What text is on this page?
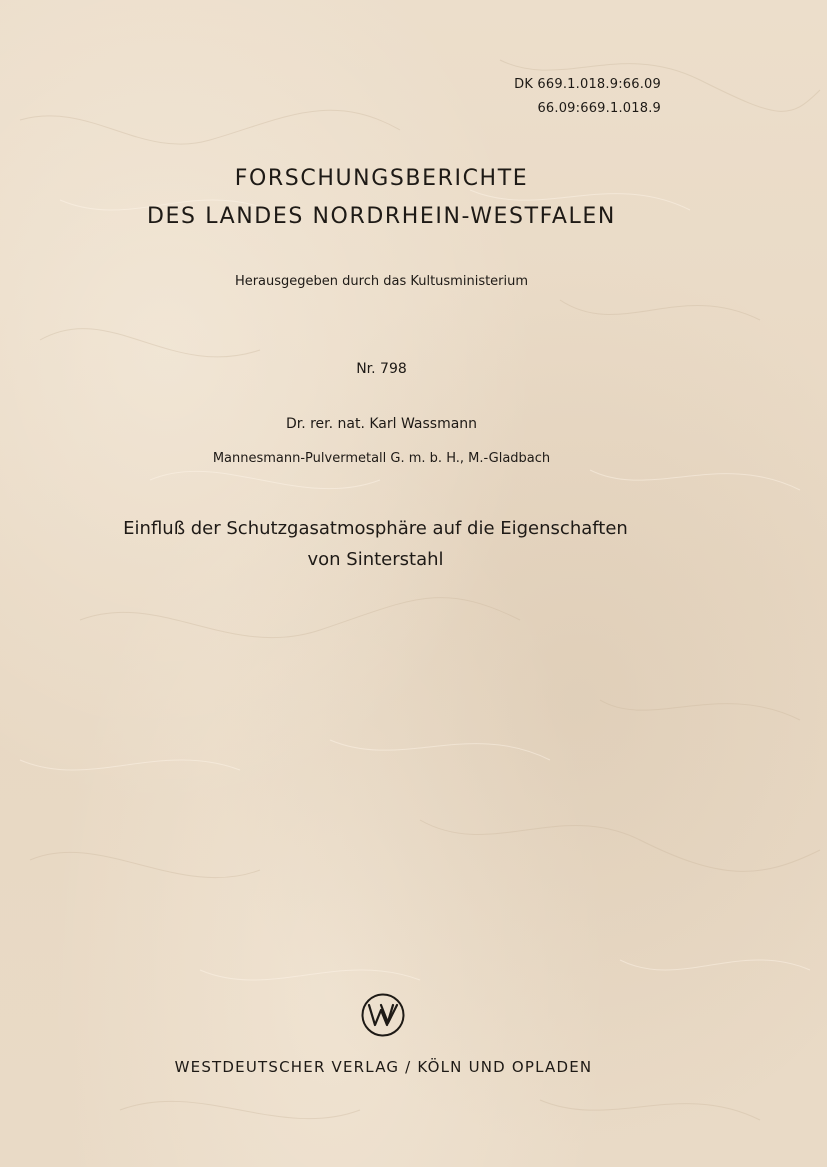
DK 669.1.018.9:66.09
66.09:669.1.018.9
FORSCHUNGSBERICHTE
DES LANDES NORDRHEIN-WESTFALEN
Herausgegeben durch das Kultusministerium
Nr. 798
Dr. rer. nat. Karl Wassmann
Mannesmann-Pulvermetall G. m. b. H., M.-Gladbach
Einfluß der Schutzgasatmosphäre auf die Eigenschaften
von Sinterstahl
WESTDEUTSCHER VERLAG / KÖLN UND OPLADEN
